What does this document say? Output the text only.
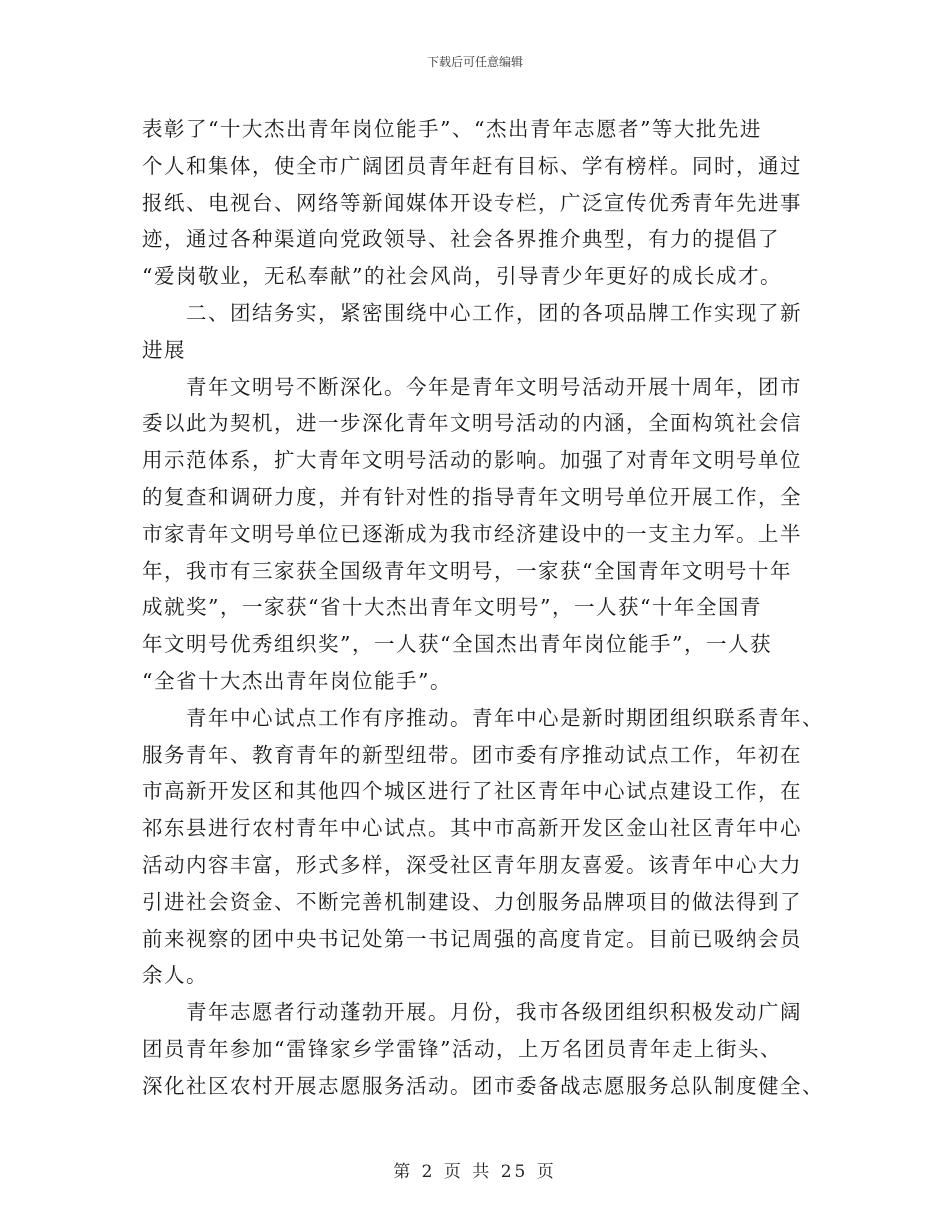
下载后可任意编辑
表彰了“十大杰出青年岗位能手”、“杰出青年志愿者”等大批先进
个人和集体，使全市广阔团员青年赶有目标、学有榜样。同时，通过
报纸、电视台、网络等新闻媒体开设专栏，广泛宣传优秀青年先进事
迹，通过各种渠道向党政领导、社会各界推介典型，有力的提倡了
“爱岗敬业，无私奉献”的社会风尚，引导青少年更好的成长成才。
　　二、团结务实，紧密围绕中心工作，团的各项品牌工作实现了新
进展
　　青年文明号不断深化。今年是青年文明号活动开展十周年，团市
委以此为契机，进一步深化青年文明号活动的内涵，全面构筑社会信
用示范体系，扩大青年文明号活动的影响。加强了对青年文明号单位
的复查和调研力度，并有针对性的指导青年文明号单位开展工作，全
市家青年文明号单位已逐渐成为我市经济建设中的一支主力军。上半
年，我市有三家获全国级青年文明号，一家获“全国青年文明号十年
成就奖”，一家获“省十大杰出青年文明号”，一人获“十年全国青
年文明号优秀组织奖”，一人获“全国杰出青年岗位能手”，一人获
“全省十大杰出青年岗位能手”。
　　青年中心试点工作有序推动。青年中心是新时期团组织联系青年、
服务青年、教育青年的新型纽带。团市委有序推动试点工作，年初在
市高新开发区和其他四个城区进行了社区青年中心试点建设工作，在
祁东县进行农村青年中心试点。其中市高新开发区金山社区青年中心
活动内容丰富，形式多样，深受社区青年朋友喜爱。该青年中心大力
引进社会资金、不断完善机制建设、力创服务品牌项目的做法得到了
前来视察的团中央书记处第一书记周强的高度肯定。目前已吸纳会员
余人。
　　青年志愿者行动蓬勃开展。月份，我市各级团组织积极发动广阔
团员青年参加“雷锋家乡学雷锋”活动，上万名团员青年走上街头、
深化社区农村开展志愿服务活动。团市委备战志愿服务总队制度健全、
第 2 页 共 25 页
